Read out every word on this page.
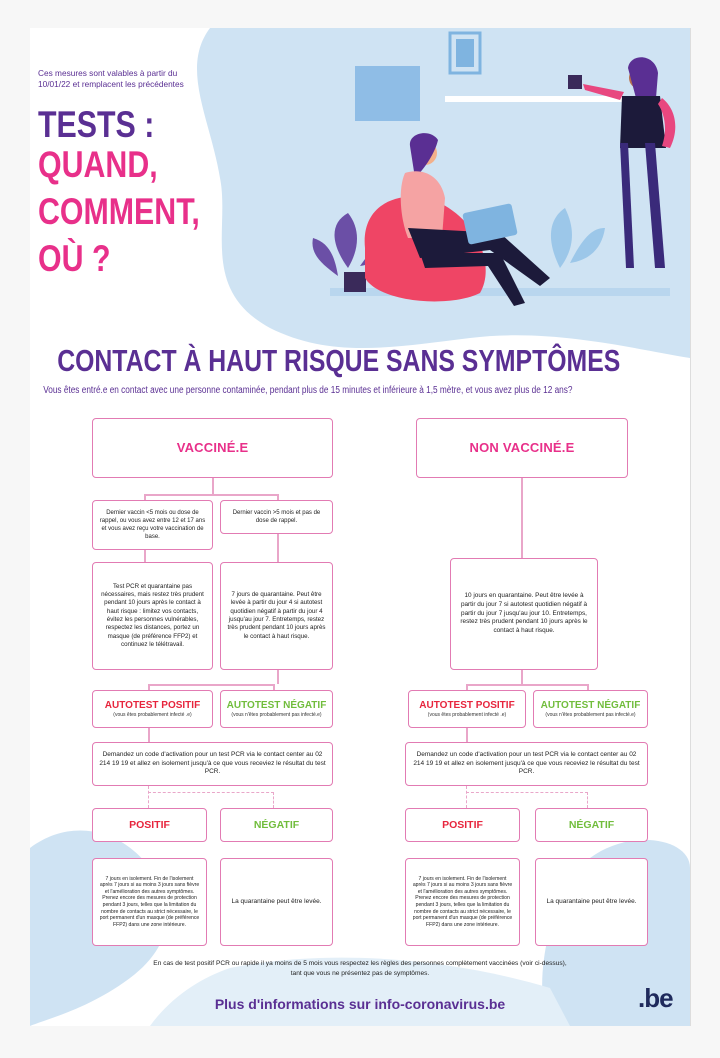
Ces mesures sont valables à partir du 10/01/22 et remplacent les précédentes
TESTS :
QUAND,
COMMENT,
OÙ ?
CONTACT À HAUT RISQUE SANS SYMPTÔMES
Vous êtes entré.e en contact avec une personne contaminée, pendant plus de 15 minutes et inférieure à 1,5 mètre, et vous avez plus de 12 ans?
VACCINÉ.E
Dernier vaccin <5 mois ou dose de rappel, ou vous avez entre 12 et 17 ans et vous avez reçu votre vaccination de base.
Dernier vaccin >5 mois et pas de dose de rappel.
Test PCR et quarantaine pas nécessaires, mais restez très prudent pendant 10 jours après le contact à haut risque : limitez vos contacts, évitez les personnes vulnérables, respectez les distances, portez un masque (de préférence FFP2) et continuez le télétravail.
7 jours de quarantaine. Peut être levée à partir du jour 4 si autotest quotidien négatif à partir du jour 4 jusqu'au jour 7. Entretemps, restez très prudent pendant 10 jours après le contact à haut risque.
AUTOTEST POSITIF
(vous êtes probablement infecté .e)
AUTOTEST NÉGATIF
(vous n'êtes probablement pas infecté.e)
Demandez un code d'activation pour un test PCR via le contact center au 02 214 19 19 et allez en isolement jusqu'à ce que vous receviez le résultat du test PCR.
POSITIF	NÉGATIF
7 jours en isolement. Fin de l'isolement après 7 jours si au moins 3 jours sans fièvre et l'amélioration des autres symptômes. Prenez encore des mesures de protection pendant 3 jours, telles que la limitation du nombre de contacts au strict nécessaire, le port permanent d'un masque (de préférence FFP2) dans une zone intérieure.
La quarantaine peut être levée.
NON VACCINÉ.E
10 jours en quarantaine. Peut être levée à partir du jour 7 si autotest quotidien négatif à partir du jour 7 jusqu'au jour 10. Entretemps, restez très prudent pendant 10 jours après le contact à haut risque.
AUTOTEST POSITIF
(vous êtes probablement infecté .e)
AUTOTEST NÉGATIF
(vous n'êtes probablement pas infecté.e)
Demandez un code d'activation pour un test PCR via le contact center au 02 214 19 19 et allez en isolement jusqu'à ce que vous receviez le résultat du test PCR.
POSITIF	NÉGATIF
7 jours en isolement. Fin de l'isolement après 7 jours si au moins 3 jours sans fièvre et l'amélioration des autres symptômes. Prenez encore des mesures de protection pendant 3 jours, telles que la limitation du nombre de contacts au strict nécessaire, le port permanent d'un masque (de préférence FFP2) dans une zone intérieure.
La quarantaine peut être levée.
En cas de test positif PCR ou rapide il ya moins de 5 mois vous respectez les règles des personnes complètement vaccinées (voir ci-dessus),
tant que vous ne présentez pas de symptômes.
Plus d'informations sur info-coronavirus.be	.be
